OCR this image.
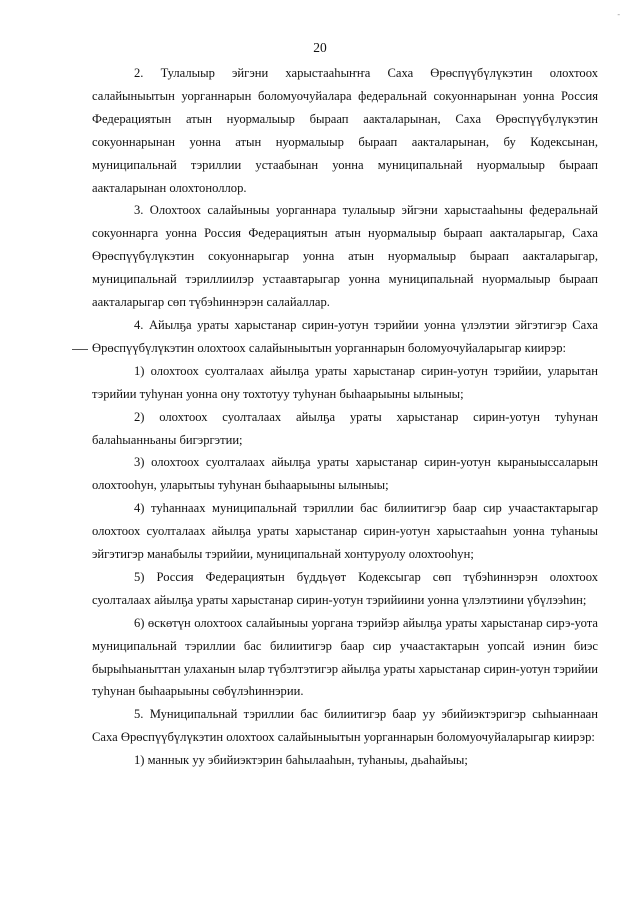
-
20

2. Тулалыыр эйгэни харыстааһыҥҥа Саха Өрөспүүбүлүкэтин олохтоох салайыныытын уорганнарын боломуочуйалара федеральнай сокуоннарынан уонна Россия Федерациятын атын нуормалыыр быраап аакталарынан, Саха Өрөспүүбүлүкэтин сокуоннарынан уонна атын нуормалыыр быраап аакталарынан, бу Кодексынан, муниципальнай тэриллии устаабынан уонна муниципальнай нуормалыыр быраап аакталарынан олохтоноллор.

3. Олохтоох салайыныы уорганнара тулалыыр эйгэни харыстааһыны федеральнай сокуоннарга уонна Россия Федерациятын атын нуормалыыр быраап аакталарыгар, Саха Өрөспүүбүлүкэтин сокуоннарыгар уонна атын нуормалыыр быраап аакталарыгар, муниципальнай тэриллиилэр устаавтарыгар уонна муниципальнай нуормалыыр быраап аакталарыгар сөп түбэһиннэрэн салайаллар.

4. Айылҕа ураты харыстанар сирин-уотун тэрийии уонна үлэлэтии эйгэтигэр Саха Өрөспүүбүлүкэтин олохтоох салайыныытын уорганнарын боломуочуйаларыгар киирэр:

1) олохтоох суолталаах айылҕа ураты харыстанар сирин-уотун тэрийии, уларытан тэрийии туһунан уонна ону тохтотуу туһунан быһаарыыны ылыныы;

2) олохтоох суолталаах айылҕа ураты харыстанар сирин-уотун туһунан балаһыанньаны бигэргэтии;

3) олохтоох суолталаах айылҕа ураты харыстанар сирин-уотун кыраныыссаларын олохтооһун, уларытыы туһунан быһаарыыны ылыныы;

4) туһаннаах муниципальнай тэриллии бас билиитигэр баар сир учаастактарыгар олохтоох суолталаах айылҕа ураты харыстанар сирин-уотун харыстааһын уонна туһаныы эйгэтигэр манабылы тэрийии, муниципальнай хонтуруолу олохтооһун;

5) Россия Федерациятын бүддьүөт Кодексыгар сөп түбэһиннэрэн олохтоох суолталаах айылҕа ураты харыстанар сирин-уотун тэрийиини уонна үлэлэтиини үбүлээһин;

6) өскөтүн олохтоох салайыныы уоргана тэрийэр айылҕа ураты харыстанар сирэ-уота муниципальнай тэриллии бас билиитигэр баар сир учаастактарын уопсай иэнин биэс бырыһыаныттан улаханын ылар түбэлтэтигэр айылҕа ураты харыстанар сирин-уотун тэрийии туһунан быһаарыыны сөбүлэһиннэрии.

5. Муниципальнай тэриллии бас билиитигэр баар уу эбийиэктэригэр сыһыаннаан Саха Өрөспүүбүлүкэтин олохтоох салайыныытын уорганнарын боломуочуйаларыгар киирэр:

1) маннык уу эбийиэктэрин баһылааһын, туһаныы, дьаһайыы;
